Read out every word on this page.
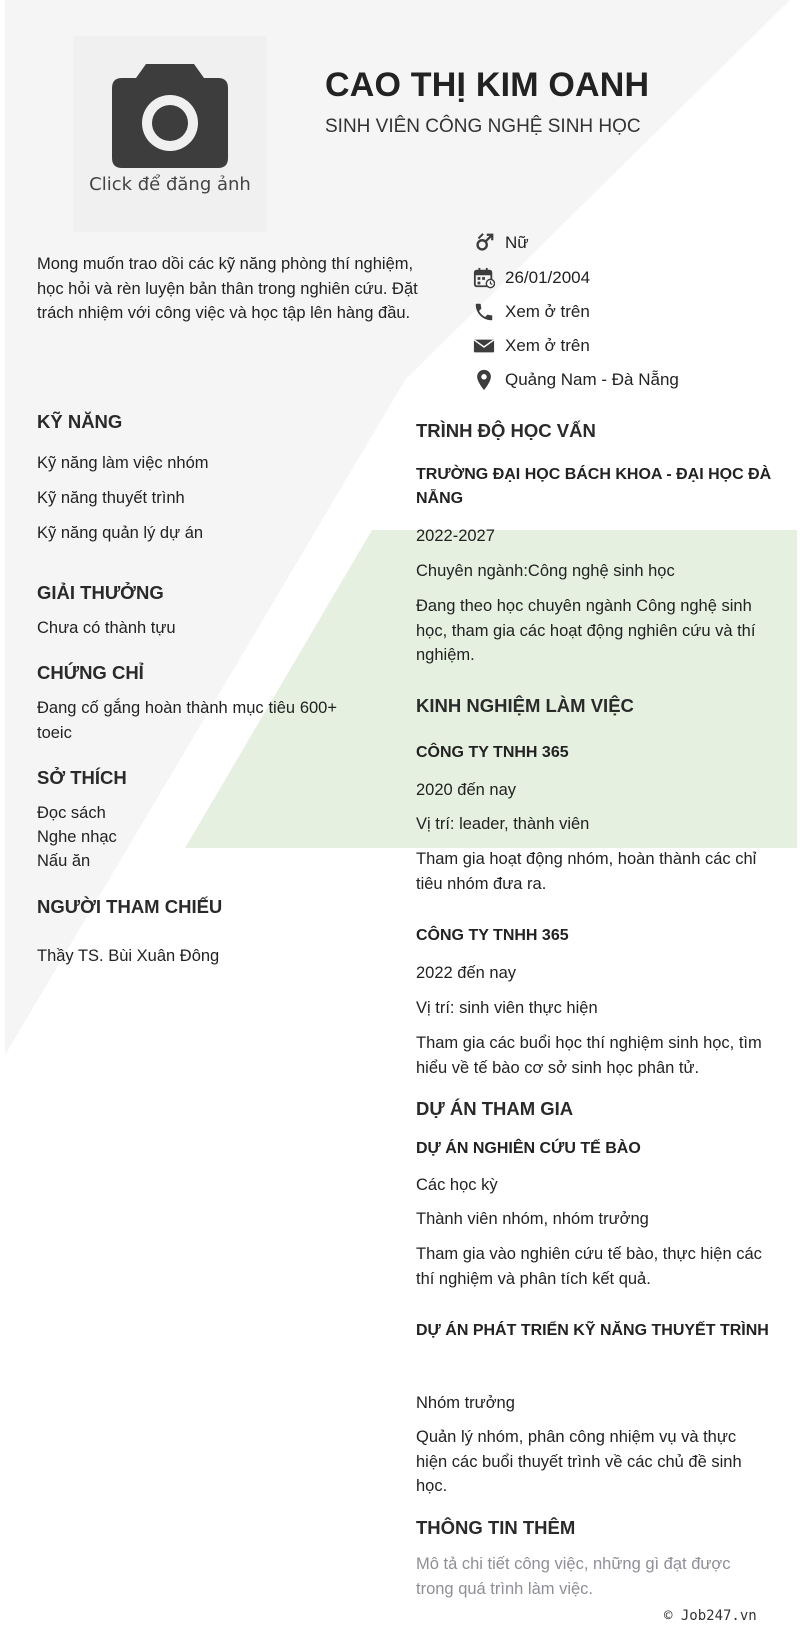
Click để đăng ảnh
CAO THỊ KIM OANH
SINH VIÊN CÔNG NGHỆ SINH HỌC
Mong muốn trao dồi các kỹ năng phòng thí nghiệm, học hỏi và rèn luyện bản thân trong nghiên cứu. Đặt trách nhiệm với công việc và học tập lên hàng đầu.
Nữ
26/01/2004
Xem ở trên
Xem ở trên
Quảng Nam - Đà Nẵng
KỸ NĂNG
Kỹ năng làm việc nhóm
Kỹ năng thuyết trình
Kỹ năng quản lý dự án
GIẢI THƯỞNG
Chưa có thành tựu
CHỨNG CHỈ
Đang cố gắng hoàn thành mục tiêu 600+ toeic
SỞ THÍCH
Đọc sách
Nghe nhạc
Nấu ăn
NGƯỜI THAM CHIẾU
Thầy TS. Bùi Xuân Đông
TRÌNH ĐỘ HỌC VẤN
TRƯỜNG ĐẠI HỌC BÁCH KHOA - ĐẠI HỌC ĐÀ NẴNG
2022-2027
Chuyên ngành:Công nghệ sinh học
Đang theo học chuyên ngành Công nghệ sinh học, tham gia các hoạt động nghiên cứu và thí nghiệm.
KINH NGHIỆM LÀM VIỆC
CÔNG TY TNHH 365
2020 đến nay
Vị trí: leader, thành viên
Tham gia hoạt động nhóm, hoàn thành các chỉ tiêu nhóm đưa ra.
CÔNG TY TNHH 365
2022 đến nay
Vị trí: sinh viên thực hiện
Tham gia các buổi học thí nghiệm sinh học, tìm hiểu về tế bào cơ sở sinh học phân tử.
DỰ ÁN THAM GIA
DỰ ÁN NGHIÊN CỨU TẾ BÀO
Các học kỳ
Thành viên nhóm, nhóm trưởng
Tham gia vào nghiên cứu tế bào, thực hiện các thí nghiệm và phân tích kết quả.
DỰ ÁN PHÁT TRIỂN KỸ NĂNG THUYẾT TRÌNH
Nhóm trưởng
Quản lý nhóm, phân công nhiệm vụ và thực hiện các buổi thuyết trình về các chủ đề sinh học.
THÔNG TIN THÊM
Mô tả chi tiết công việc, những gì đạt được trong quá trình làm việc.
© Job247.vn
